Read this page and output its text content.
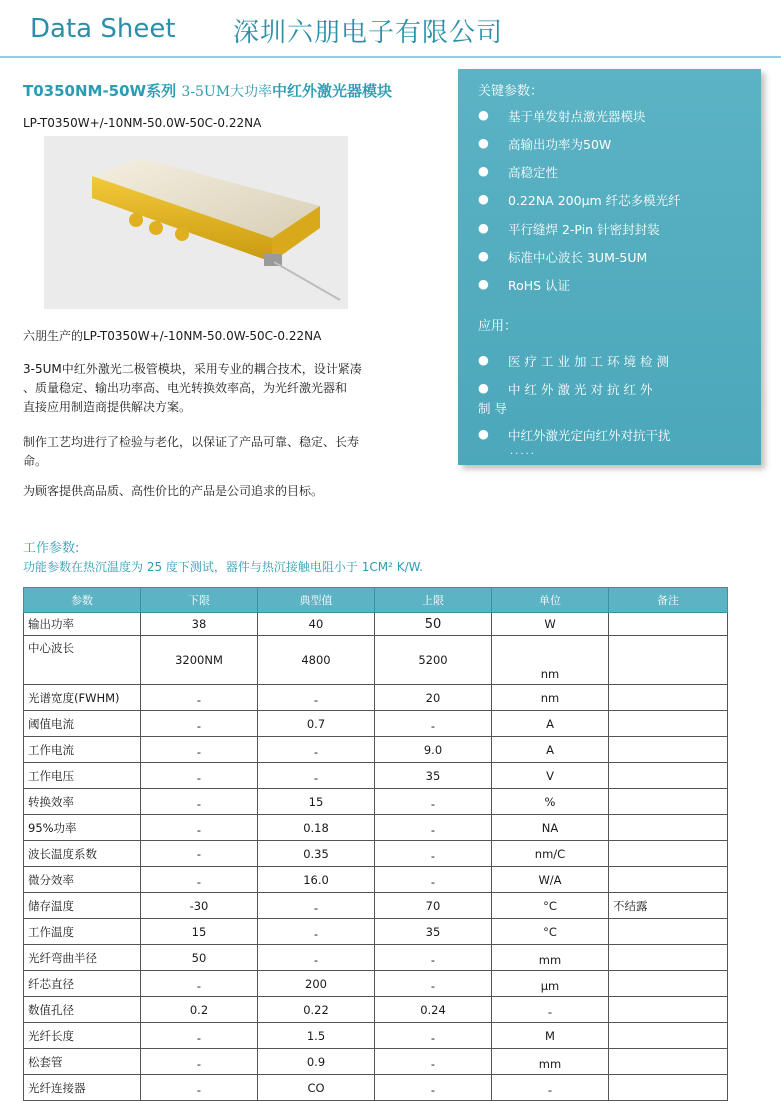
Data Sheet 深圳六朋电子有限公司
T0350NM-50W系列 3-5UM大功率中红外激光器模块
LP-T0350W+/-10NM-50.0W-50C-0.22NA
六朋生产的LP-T0350W+/-10NM-50.0W-50C-0.22NA
3-5UM中红外激光二极管模块，采用专业的耦合技术，设计紧凑
、质量稳定、输出功率高、电光转换效率高，为光纤激光器和
直接应用制造商提供解决方案。
制作工艺均进行了检验与老化，以保证了产品可靠、稳定、长寿
命。
为顾客提供高品质、高性价比的产品是公司追求的目标。
关键参数：
● 基于单发射点激光器模块
● 高输出功率为50W
● 高稳定性
● 0.22NA 200μm 纤芯多模光纤
● 平行缝焊 2-Pin 针密封封装
● 标准中心波长 3UM-5UM
● RoHS 认证
应用：
● 医疗工业加工环境检测
● 中红外激光对抗红外
制导
● 中红外激光定向红外对抗干扰
.....
工作参数:
功能参数在热沉温度为 25 度下测试，器件与热沉接触电阻小于 1CM² K/W.
参数	下限	典型值	上限	单位	备注
输出功率	38	40	50	W	
中心波长	3200NM	4800	5200	nm	
光谱宽度(FWHM)	-	-	20	nm	
阈值电流	-	0.7	-	A	
工作电流	-	-	9.0	A	
工作电压	-	-	35	V	
转换效率	-	15	-	%	
95%功率	-	0.18	-	NA	
波长温度系数	-	0.35	-	nm/C	
微分效率	-	16.0	-	W/A	
储存温度	-30	-	70	°C	不结露
工作温度	15	-	35	°C	
光纤弯曲半径	50	-	-	mm	
纤芯直径	-	200	-	μm	
数值孔径	0.2	0.22	0.24	-	
光纤长度	-	1.5	-	M	
松套管	-	0.9	-	mm	
光纤连接器	-	CO	-	-	
